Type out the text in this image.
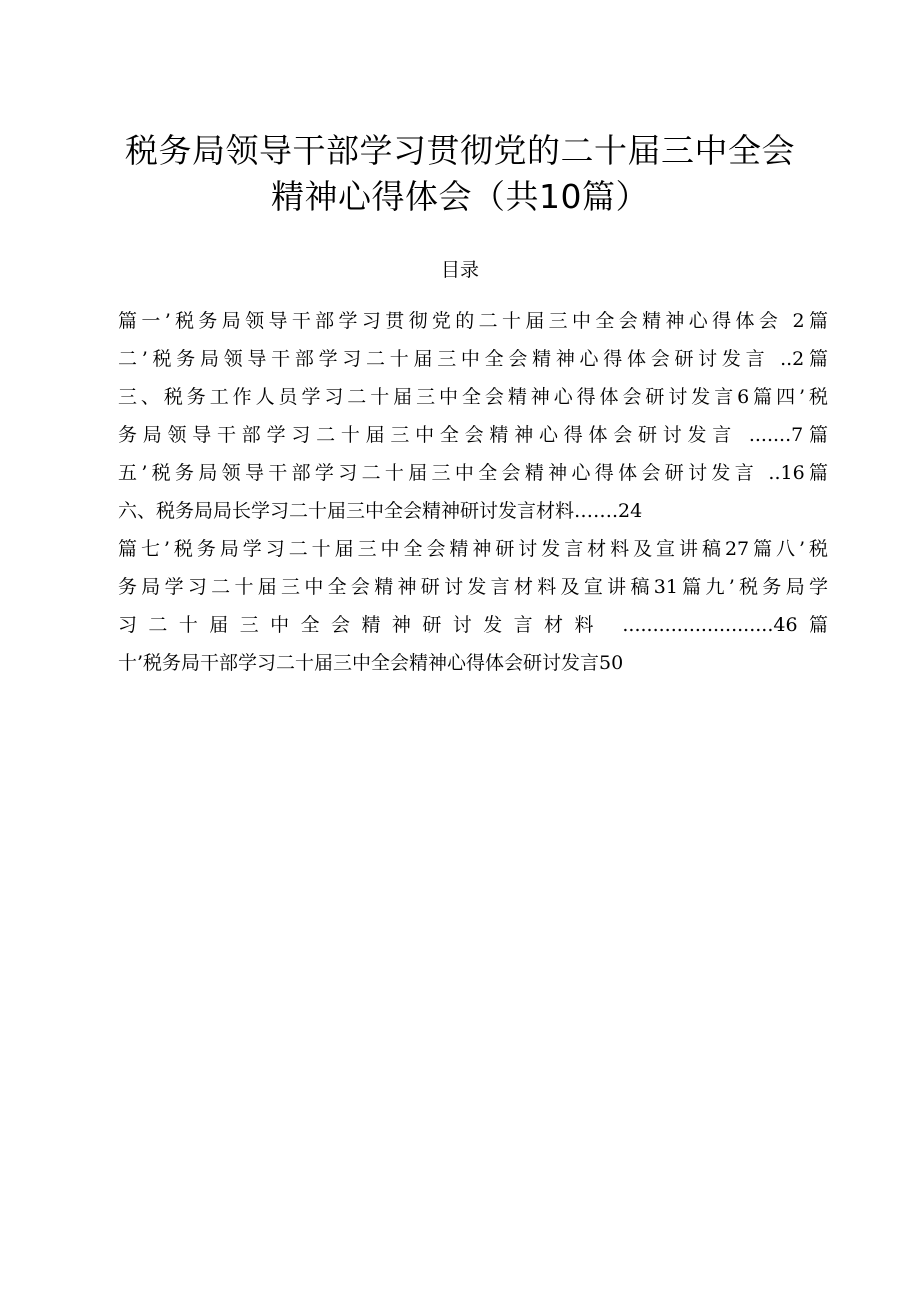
税务局领导干部学习贯彻党的二十届三中全会
精神心得体会（共10篇）
目录
篇一’税务局领导干部学习贯彻党的二十届三中全会精神心得体会 2篇
二’税务局领导干部学习二十届三中全会精神心得体会研讨发言 ..2篇
三、税务工作人员学习二十届三中全会精神心得体会研讨发言6篇四’税
务局领导干部学习二十届三中全会精神心得体会研讨发言 .......7篇
五’税务局领导干部学习二十届三中全会精神心得体会研讨发言 ..16篇
六、税务局局长学习二十届三中全会精神研讨发言材料…….24
篇七’税务局学习二十届三中全会精神研讨发言材料及宣讲稿27篇八’税
务局学习二十届三中全会精神研讨发言材料及宣讲稿31篇九’税务局学
习二十届三中全会精神研讨发言材料 .........................46篇
十’税务局干部学习二十届三中全会精神心得体会研讨发言50
